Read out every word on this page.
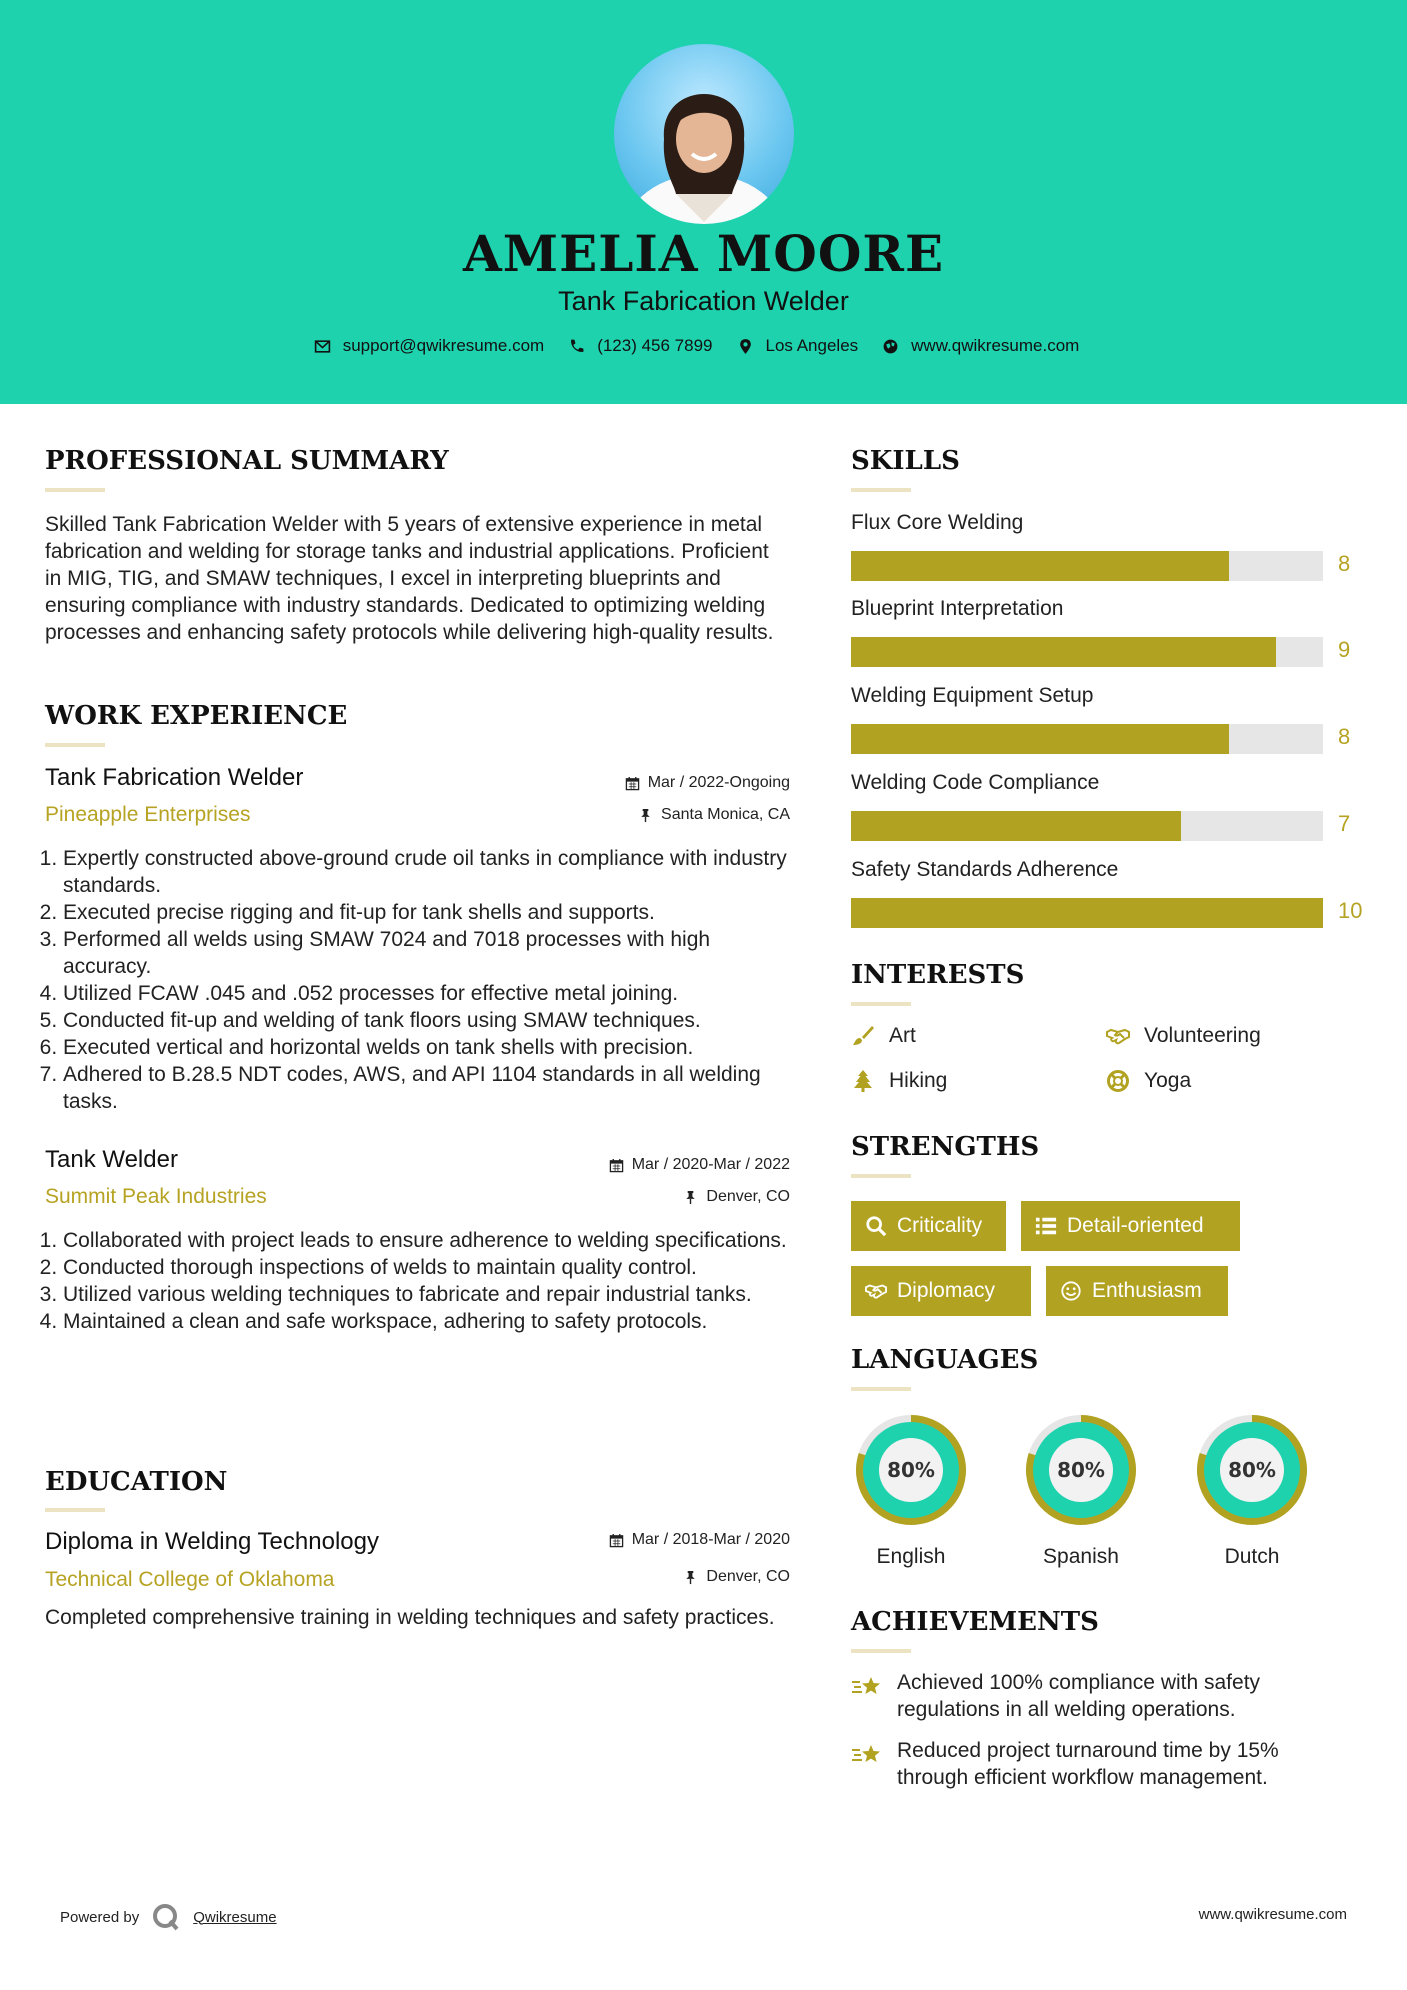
AMELIA MOORE
Tank Fabrication Welder
support@qwikresume.com	(123) 456 7899	Los Angeles	www.qwikresume.com
PROFESSIONAL SUMMARY
Skilled Tank Fabrication Welder with 5 years of extensive experience in metal fabrication and welding for storage tanks and industrial applications. Proficient in MIG, TIG, and SMAW techniques, I excel in interpreting blueprints and ensuring compliance with industry standards. Dedicated to optimizing welding processes and enhancing safety protocols while delivering high-quality results.
WORK EXPERIENCE
Tank Fabrication Welder
Pineapple Enterprises
Mar / 2022-Ongoing
Santa Monica, CA
1. Expertly constructed above-ground crude oil tanks in compliance with industry standards.
2. Executed precise rigging and fit-up for tank shells and supports.
3. Performed all welds using SMAW 7024 and 7018 processes with high accuracy.
4. Utilized FCAW .045 and .052 processes for effective metal joining.
5. Conducted fit-up and welding of tank floors using SMAW techniques.
6. Executed vertical and horizontal welds on tank shells with precision.
7. Adhered to B.28.5 NDT codes, AWS, and API 1104 standards in all welding tasks.
Tank Welder
Summit Peak Industries
Mar / 2020-Mar / 2022
Denver, CO
1. Collaborated with project leads to ensure adherence to welding specifications.
2. Conducted thorough inspections of welds to maintain quality control.
3. Utilized various welding techniques to fabricate and repair industrial tanks.
4. Maintained a clean and safe workspace, adhering to safety protocols.
EDUCATION
Diploma in Welding Technology
Technical College of Oklahoma
Mar / 2018-Mar / 2020
Denver, CO
Completed comprehensive training in welding techniques and safety practices.
SKILLS
Flux Core Welding
8
Blueprint Interpretation
9
Welding Equipment Setup
8
Welding Code Compliance
7
Safety Standards Adherence
10
INTERESTS
Art	Volunteering
Hiking	Yoga
STRENGTHS
Criticality	Detail-oriented
Diplomacy	Enthusiasm
LANGUAGES
80%
English
80%
Spanish
80%
Dutch
ACHIEVEMENTS
Achieved 100% compliance with safety regulations in all welding operations.
Reduced project turnaround time by 15% through efficient workflow management.
Powered by	Qwikresume	www.qwikresume.com
